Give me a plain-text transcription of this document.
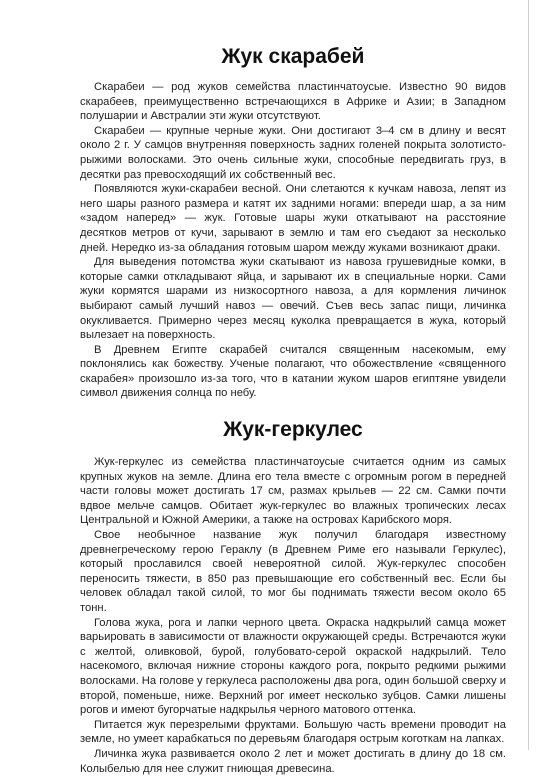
Жук скарабей

Скарабеи — род жуков семейства пластинчатоусые. Известно 90 видов скарабеев, преимущественно встречающихся в Африке и Азии; в Западном полушарии и Австралии эти жуки отсутствуют.

Скарабеи — крупные черные жуки. Они достигают 3–4 см в длину и весят около 2 г. У самцов внутренняя поверхность задних голеней покрыта золотисто-рыжими волосками. Это очень сильные жуки, способные передвигать груз, в десятки раз превосходящий их собственный вес.

Появляются жуки-скарабеи весной. Они слетаются к кучкам навоза, лепят из него шары разного размера и катят их задними ногами: впереди шар, а за ним «задом наперед» — жук. Готовые шары жуки откатывают на расстояние десятков метров от кучи, зарывают в землю и там его съедают за несколько дней. Нередко из-за обладания готовым шаром между жуками возникают драки.

Для выведения потомства жуки скатывают из навоза грушевидные комки, в которые самки откладывают яйца, и зарывают их в специальные норки. Сами жуки кормятся шарами из низкосортного навоза, а для кормления личинок выбирают самый лучший навоз — овечий. Съев весь запас пищи, личинка окукливается. Примерно через месяц куколка превращается в жука, который вылезает на поверхность.

В Древнем Египте скарабей считался священным насекомым, ему поклонялись как божеству. Ученые полагают, что обожествление «священного скарабея» произошло из-за того, что в катании жуком шаров египтяне увидели символ движения солнца по небу.

Жук-геркулес

Жук-геркулес из семейства пластинчатоусые считается одним из самых крупных жуков на земле. Длина его тела вместе с огромным рогом в передней части головы может достигать 17 см, размах крыльев — 22 см. Самки почти вдвое мельче самцов. Обитает жук-геркулес во влажных тропических лесах Центральной и Южной Америки, а также на островах Карибского моря.

Свое необычное название жук получил благодаря известному древнегреческому герою Гераклу (в Древнем Риме его называли Геркулес), который прославился своей невероятной силой. Жук-геркулес способен переносить тяжести, в 850 раз превышающие его собственный вес. Если бы человек обладал такой силой, то мог бы поднимать тяжести весом около 65 тонн.

Голова жука, рога и лапки черного цвета. Окраска надкрылий самца может варьировать в зависимости от влажности окружающей среды. Встречаются жуки с желтой, оливковой, бурой, голубовато-серой окраской надкрылий. Тело насекомого, включая нижние стороны каждого рога, покрыто редкими рыжими волосками. На голове у геркулеса расположены два рога, один большой сверху и второй, поменьше, ниже. Верхний рог имеет несколько зубцов. Самки лишены рогов и имеют бугорчатые надкрылья черного матового оттенка.

Питается жук перезрелыми фруктами. Большую часть времени проводит на земле, но умеет карабкаться по деревьям благодаря острым коготкам на лапках.

Личинка жука развивается около 2 лет и может достигать в длину до 18 см. Колыбелью для нее служит гниющая древесина.
